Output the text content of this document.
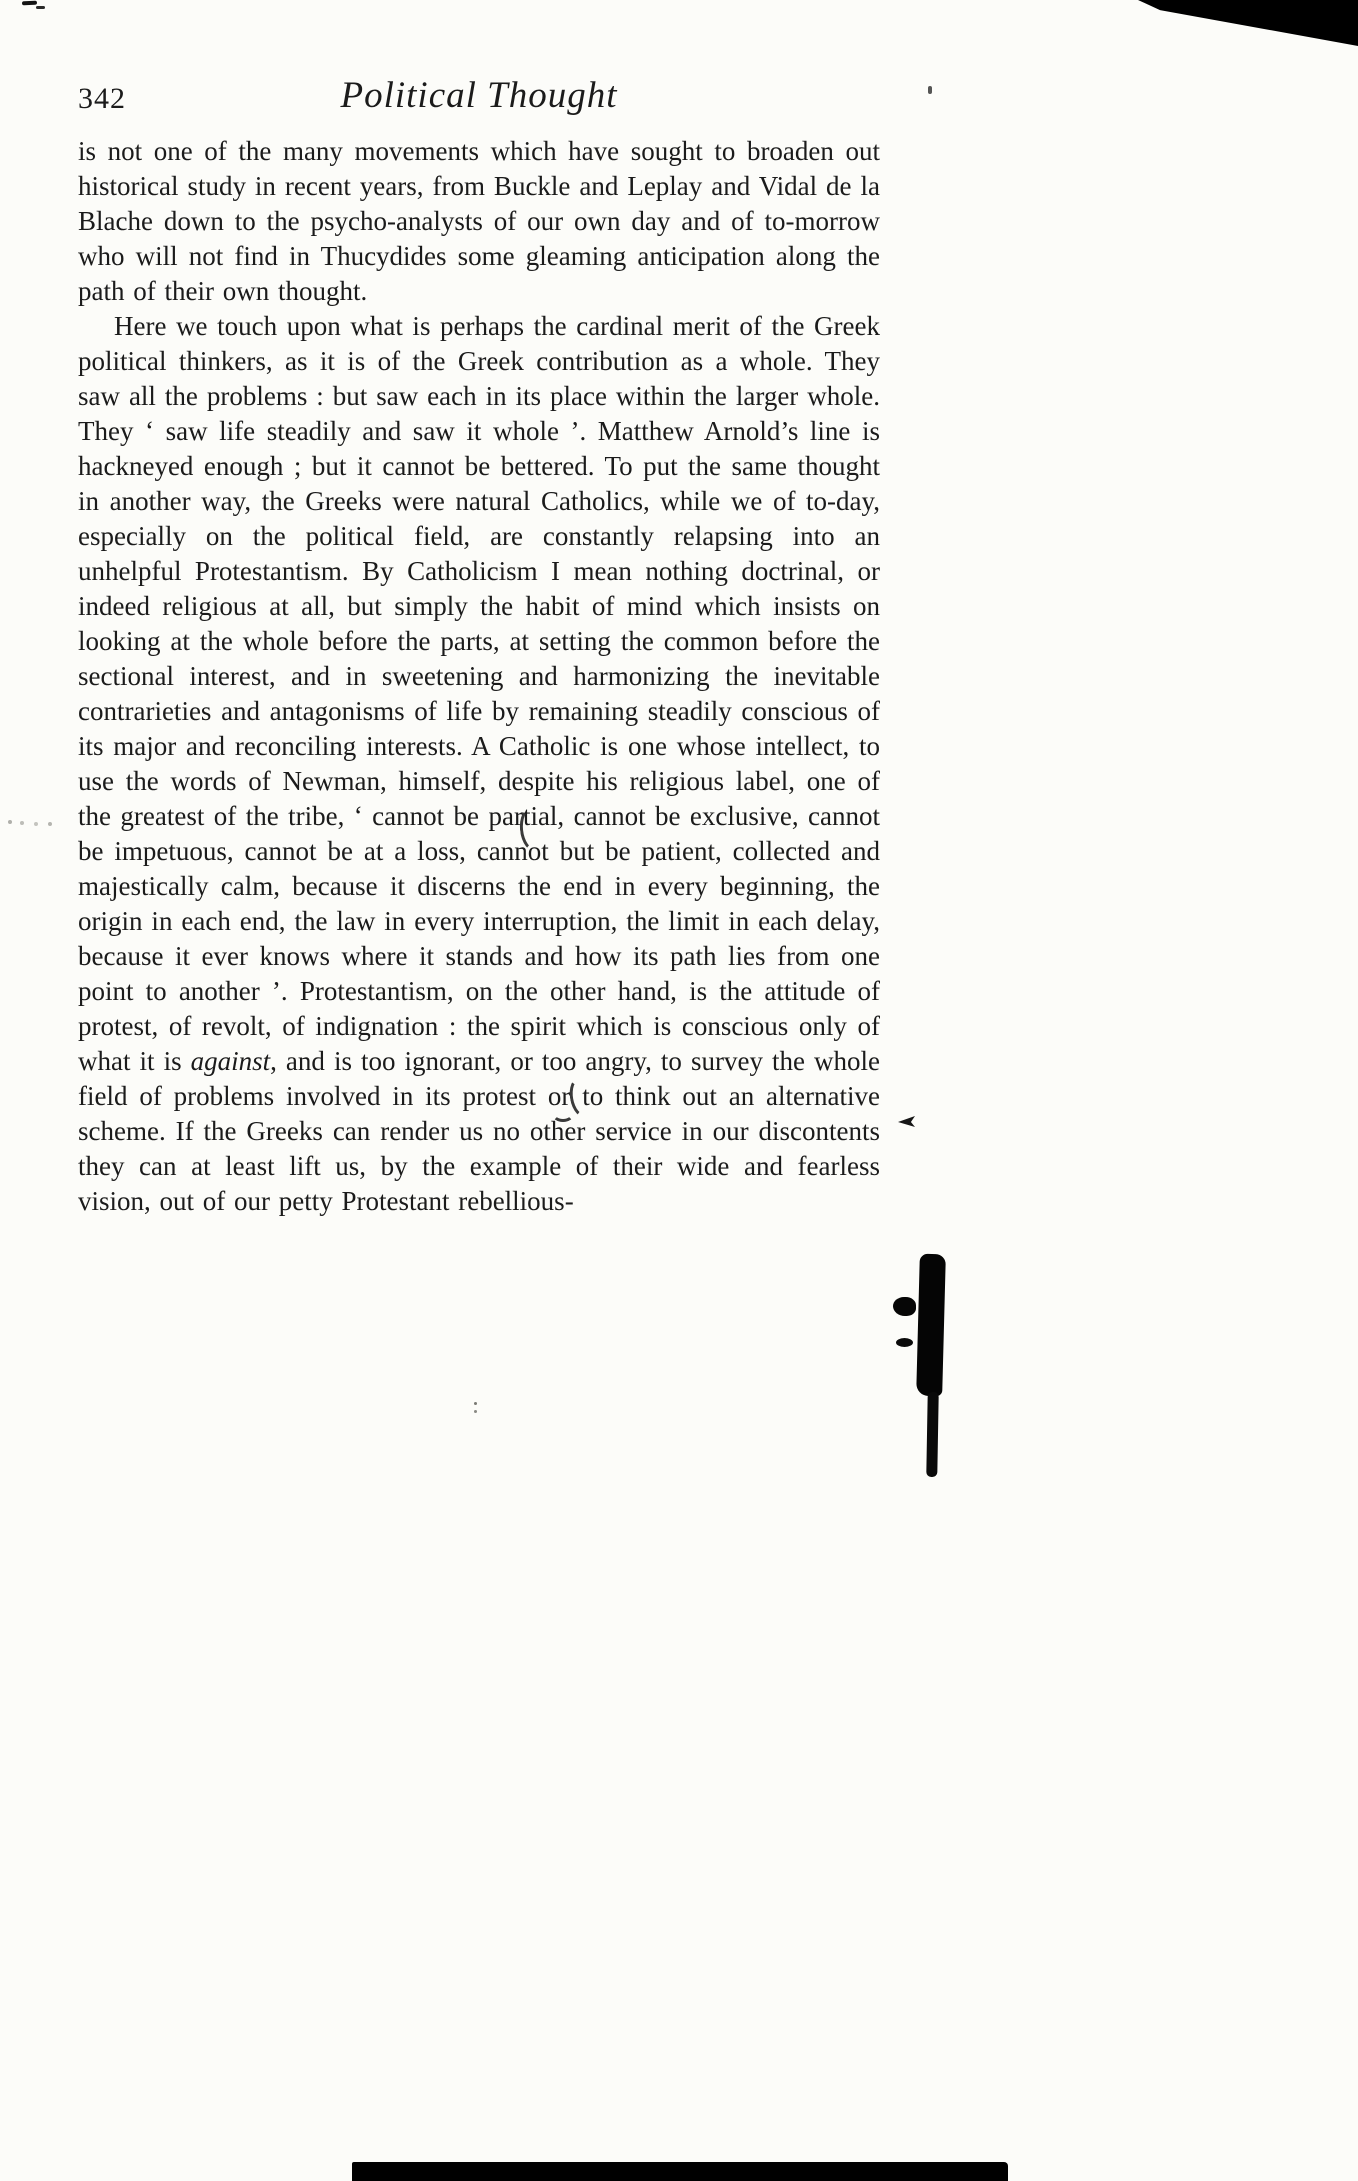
342	Political Thought

is not one of the many movements which have sought to broaden out historical study in recent years, from Buckle and Leplay and Vidal de la Blache down to the psycho-analysts of our own day and of to-morrow who will not find in Thucydides some gleaming anticipation along the path of their own thought.

Here we touch upon what is perhaps the cardinal merit of the Greek political thinkers, as it is of the Greek contribution as a whole. They saw all the problems : but saw each in its place within the larger whole. They ‘ saw life steadily and saw it whole ’. Matthew Arnold’s line is hackneyed enough ; but it cannot be bettered. To put the same thought in another way, the Greeks were natural Catholics, while we of to-day, especially on the political field, are constantly relapsing into an unhelpful Protestantism. By Catholicism I mean nothing doctrinal, or indeed religious at all, but simply the habit of mind which insists on looking at the whole before the parts, at setting the common before the sectional interest, and in sweetening and harmonizing the inevitable contrarieties and antagonisms of life by remaining steadily conscious of its major and reconciling interests. A Catholic is one whose intellect, to use the words of Newman, himself, despite his religious label, one of the greatest of the tribe, ‘ cannot be partial, cannot be exclusive, cannot be impetuous, cannot be at a loss, cannot but be patient, collected and majestically calm, because it discerns the end in every beginning, the origin in each end, the law in every interruption, the limit in each delay, because it ever knows where it stands and how its path lies from one point to another ’. Protestantism, on the other hand, is the attitude of protest, of revolt, of indignation : the spirit which is conscious only of what it is against, and is too ignorant, or too angry, to survey the whole field of problems involved in its protest or to think out an alternative scheme. If the Greeks can render us no other service in our discontents they can at least lift us, by the example of their wide and fearless vision, out of our petty Protestant rebellious-
